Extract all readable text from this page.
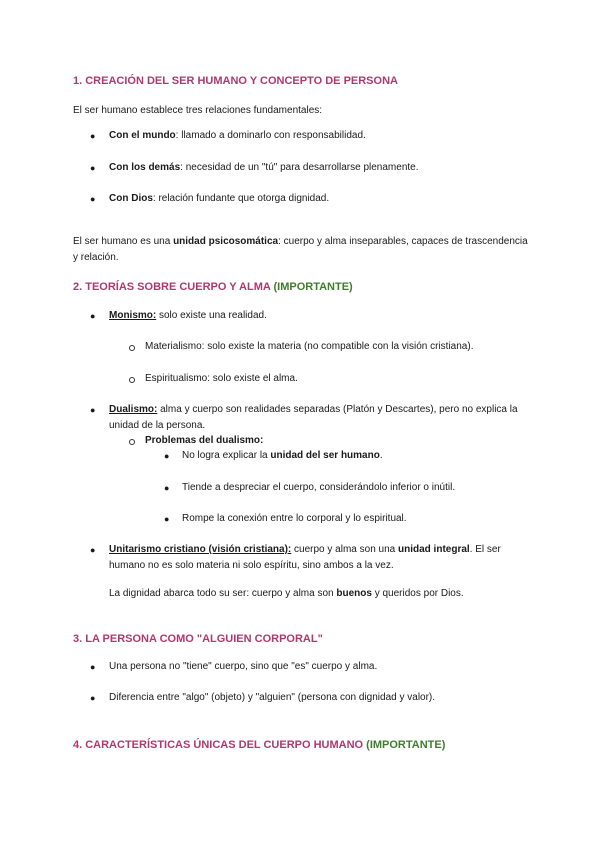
1. CREACIÓN DEL SER HUMANO Y CONCEPTO DE PERSONA
El ser humano establece tres relaciones fundamentales:
● Con el mundo: llamado a dominarlo con responsabilidad.
● Con los demás: necesidad de un "tú" para desarrollarse plenamente.
● Con Dios: relación fundante que otorga dignidad.
El ser humano es una unidad psicosomática: cuerpo y alma inseparables, capaces de trascendencia y relación.
2. TEORÍAS SOBRE CUERPO Y ALMA (IMPORTANTE)
● Monismo: solo existe una realidad.
Materialismo: solo existe la materia (no compatible con la visión cristiana).
Espiritualismo: solo existe el alma.
● Dualismo: alma y cuerpo son realidades separadas (Platón y Descartes), pero no explica la unidad de la persona.
Problemas del dualismo:
● No logra explicar la unidad del ser humano.
● Tiende a despreciar el cuerpo, considerándolo inferior o inútil.
● Rompe la conexión entre lo corporal y lo espiritual.
● Unitarismo cristiano (visión cristiana): cuerpo y alma son una unidad integral. El ser humano no es solo materia ni solo espíritu, sino ambos a la vez.
La dignidad abarca todo su ser: cuerpo y alma son buenos y queridos por Dios.
3. LA PERSONA COMO "ALGUIEN CORPORAL"
● Una persona no "tiene" cuerpo, sino que "es" cuerpo y alma.
● Diferencia entre "algo" (objeto) y "alguien" (persona con dignidad y valor).
4. CARACTERÍSTICAS ÚNICAS DEL CUERPO HUMANO (IMPORTANTE)
